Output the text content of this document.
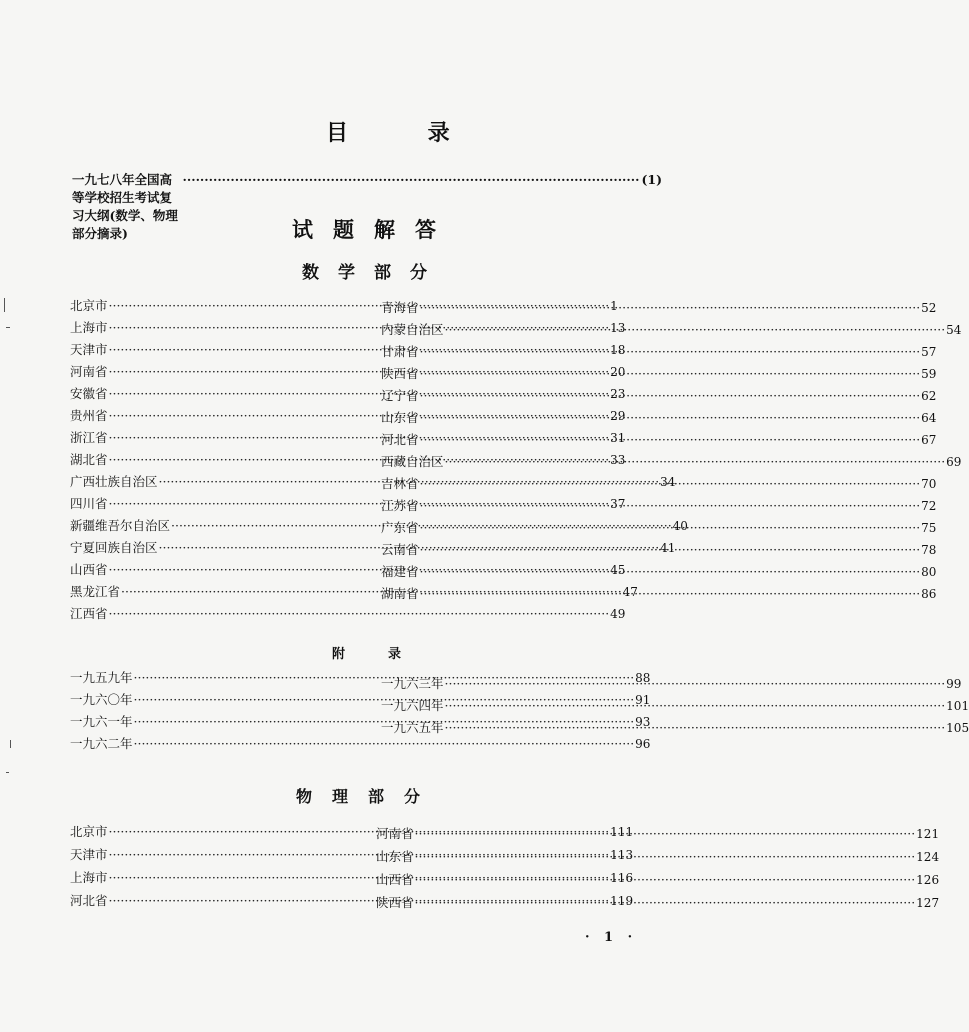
目 录
一九七八年全国高等学校招生考试复习大纲(数学、物理部分摘录)
········································································································· (1)
试题解答
数学部分
北京市 ·····	1
上海市 ·····	13
天津市 ·····	18
河南省 ·····	20
安徽省 ·····	23
贵州省 ·····	29
浙江省 ·····	31
湖北省 ·····	33
广西壮族自治区 ·····	34
四川省 ·····	37
新疆维吾尔自治区 ·····	40
宁夏回族自治区 ·····	41
山西省 ·····	45
黑龙江省 ·····	47
江西省 ·····	49
青海省 ·····	52
内蒙自治区 ·····	54
甘肃省 ·····	57
陕西省 ·····	59
辽宁省 ·····	62
山东省 ·····	64
河北省 ·····	67
西藏自治区 ·····	69
吉林省 ·····	70
江苏省 ·····	72
广东省 ·····	75
云南省 ·····	78
福建省 ·····	80
湖南省 ·····	86
附	录
一九五九年 ·····	88
一九六〇年 ·····	91
一九六一年 ·····	93
一九六二年 ·····	96
一九六三年 ·····	99
一九六四年 ·····	101
一九六五年 ·····	105
物理部分
北京市 ·····	111
天津市 ·····	113
上海市 ·····	116
河北省 ·····	119
河南省 ·····	121
山东省 ·····	124
山西省 ·····	126
陕西省 ·····	127
· 1 ·
